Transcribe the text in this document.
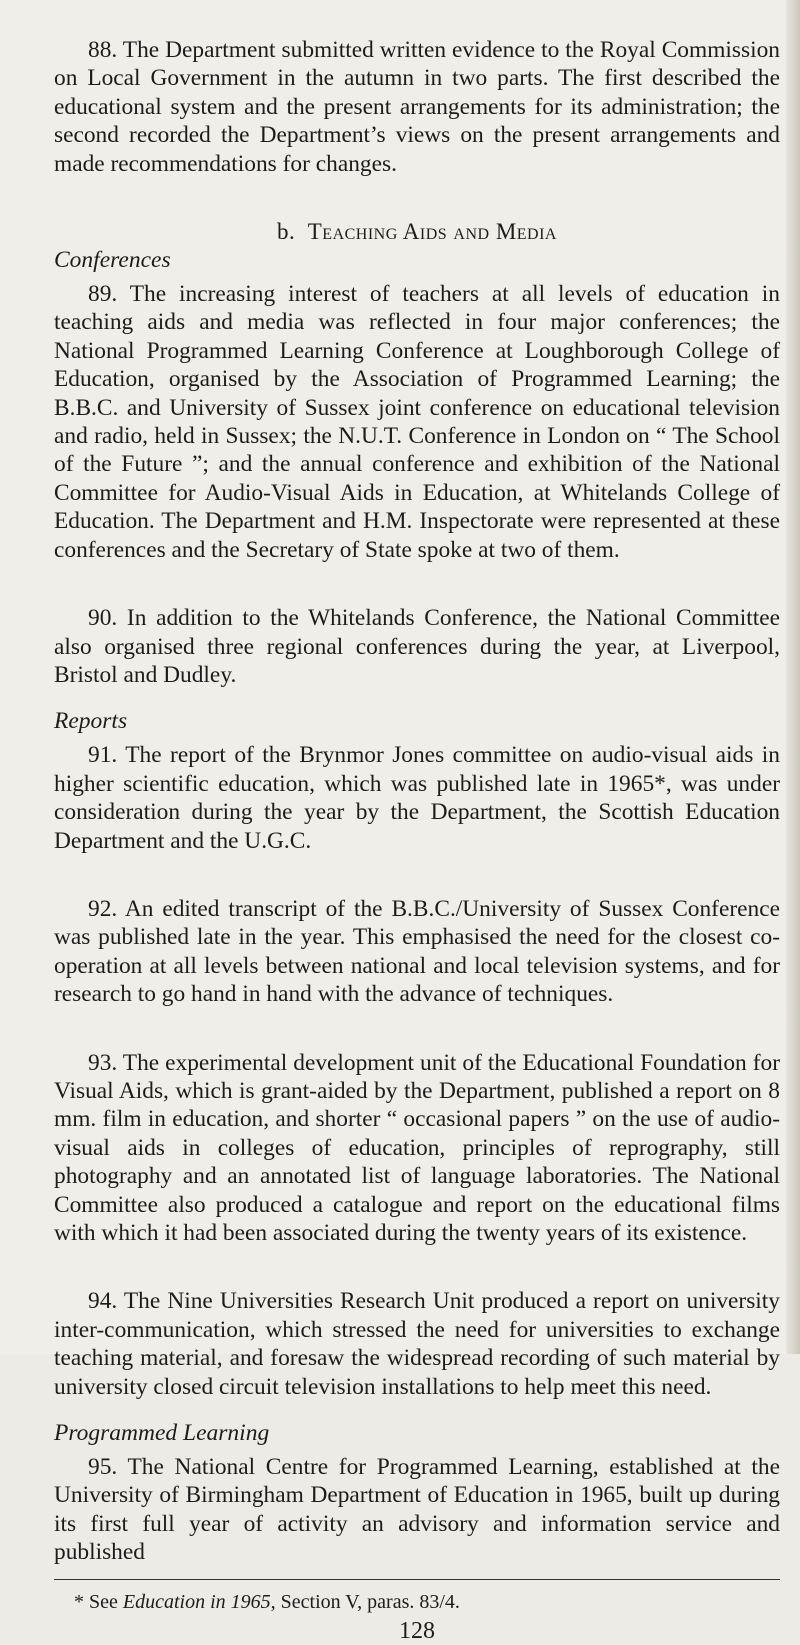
88. The Department submitted written evidence to the Royal Commission on Local Government in the autumn in two parts. The first described the educational system and the present arrangements for its administration; the second recorded the Department’s views on the present arrangements and made recommendations for changes.

b. Teaching Aids and Media

Conferences

89. The increasing interest of teachers at all levels of education in teaching aids and media was reflected in four major conferences; the National Programmed Learning Conference at Loughborough College of Education, organised by the Association of Programmed Learning; the B.B.C. and University of Sussex joint conference on educational television and radio, held in Sussex; the N.U.T. Conference in London on “ The School of the Future ”; and the annual conference and exhibition of the National Committee for Audio-Visual Aids in Education, at Whitelands College of Education. The Department and H.M. Inspectorate were represented at these conferences and the Secretary of State spoke at two of them.

90. In addition to the Whitelands Conference, the National Committee also organised three regional conferences during the year, at Liverpool, Bristol and Dudley.

Reports

91. The report of the Brynmor Jones committee on audio-visual aids in higher scientific education, which was published late in 1965*, was under consideration during the year by the Department, the Scottish Education Department and the U.G.C.

92. An edited transcript of the B.B.C./University of Sussex Conference was published late in the year. This emphasised the need for the closest co-operation at all levels between national and local television systems, and for research to go hand in hand with the advance of techniques.

93. The experimental development unit of the Educational Foundation for Visual Aids, which is grant-aided by the Department, published a report on 8 mm. film in education, and shorter “ occasional papers ” on the use of audio-visual aids in colleges of education, principles of reprography, still photography and an annotated list of language laboratories. The National Committee also produced a catalogue and report on the educational films with which it had been associated during the twenty years of its existence.

94. The Nine Universities Research Unit produced a report on university inter-communication, which stressed the need for universities to exchange teaching material, and foresaw the widespread recording of such material by university closed circuit television installations to help meet this need.

Programmed Learning

95. The National Centre for Programmed Learning, established at the University of Birmingham Department of Education in 1965, built up during its first full year of activity an advisory and information service and published

* See Education in 1965, Section V, paras. 83/4.

128
